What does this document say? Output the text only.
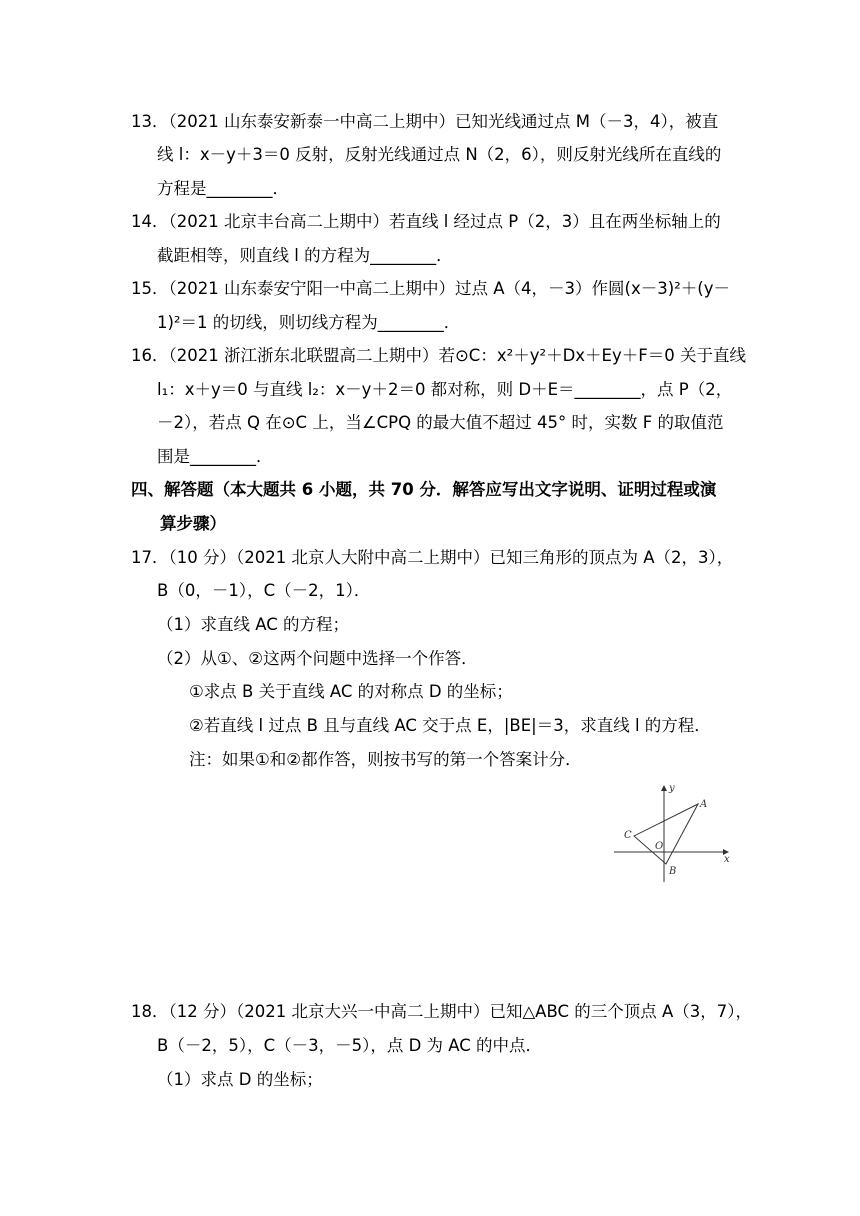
13．（2021 山东泰安新泰一中高二上期中）已知光线通过点 M（－3，4），被直
线 l：x－y＋3＝0 反射，反射光线通过点 N（2，6），则反射光线所在直线的
方程是________．
14．（2021 北京丰台高二上期中）若直线 l 经过点 P（2，3）且在两坐标轴上的
截距相等，则直线 l 的方程为________．
15．（2021 山东泰安宁阳一中高二上期中）过点 A（4，－3）作圆(x－3)²＋(y－
1)²＝1 的切线，则切线方程为________．
16．（2021 浙江浙东北联盟高二上期中）若⊙C：x²＋y²＋Dx＋Ey＋F＝0 关于直线
l₁：x＋y＝0 与直线 l₂：x－y＋2＝0 都对称，则 D＋E＝________，点 P（2，
－2），若点 Q 在⊙C 上，当∠CPQ 的最大值不超过 45° 时，实数 F 的取值范
围是________．
四、解答题（本大题共 6 小题，共 70 分．解答应写出文字说明、证明过程或演
算步骤）
17．（10 分）（2021 北京人大附中高二上期中）已知三角形的顶点为 A（2，3），
B（0，－1），C（－2，1）．
（1）求直线 AC 的方程；
（2）从①、②这两个问题中选择一个作答．
①求点 B 关于直线 AC 的对称点 D 的坐标；
②若直线 l 过点 B 且与直线 AC 交于点 E，|BE|＝3，求直线 l 的方程．
注：如果①和②都作答，则按书写的第一个答案计分．
y
x
A
C
O
B
18．（12 分）（2021 北京大兴一中高二上期中）已知△ABC 的三个顶点 A（3，7），
B（－2，5），C（－3，－5），点 D 为 AC 的中点．
（1）求点 D 的坐标；
